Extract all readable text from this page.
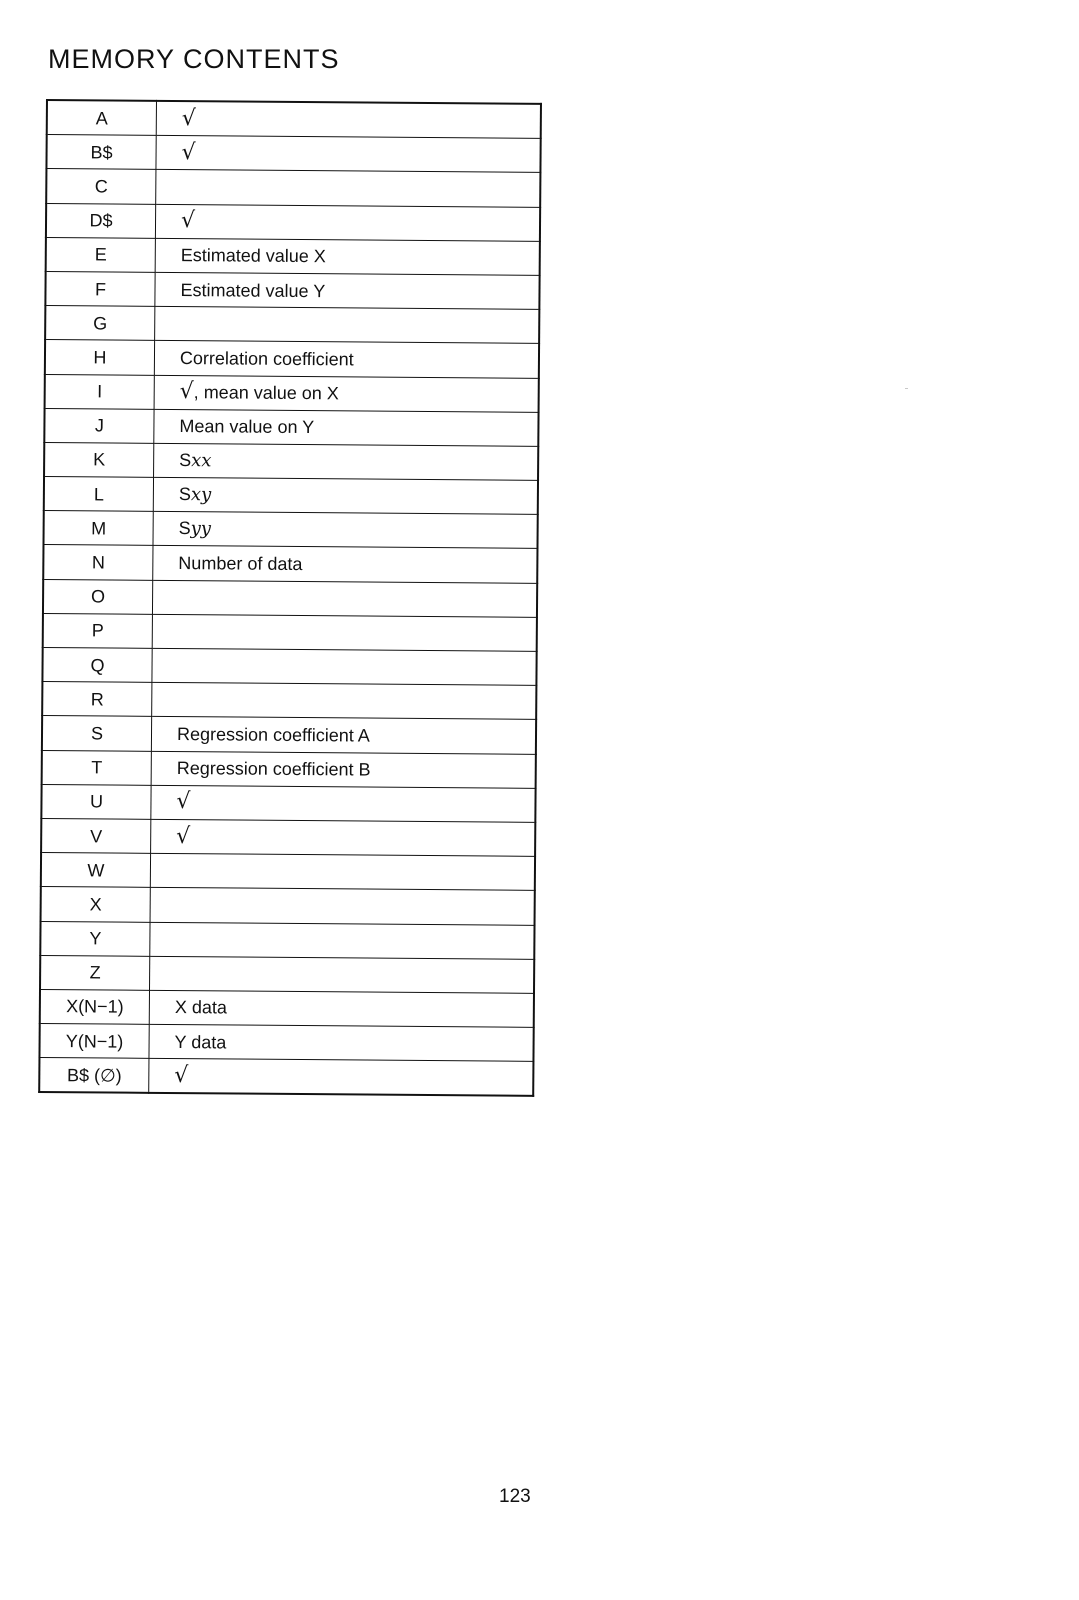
MEMORY CONTENTS
A	√
B$	√
C	
D$	√
E	Estimated value X
F	Estimated value Y
G	
H	Correlation coefficient
I	√, mean value on X
J	Mean value on Y
K	Sxx
L	Sxy
M	Syy
N	Number of data
O	
P	
Q	
R	
S	Regression coefficient A
T	Regression coefficient B
U	√
V	√
W	
X	
Y	
Z	
X(N−1)	X data
Y(N−1)	Y data
B$ (∅)	√
123
